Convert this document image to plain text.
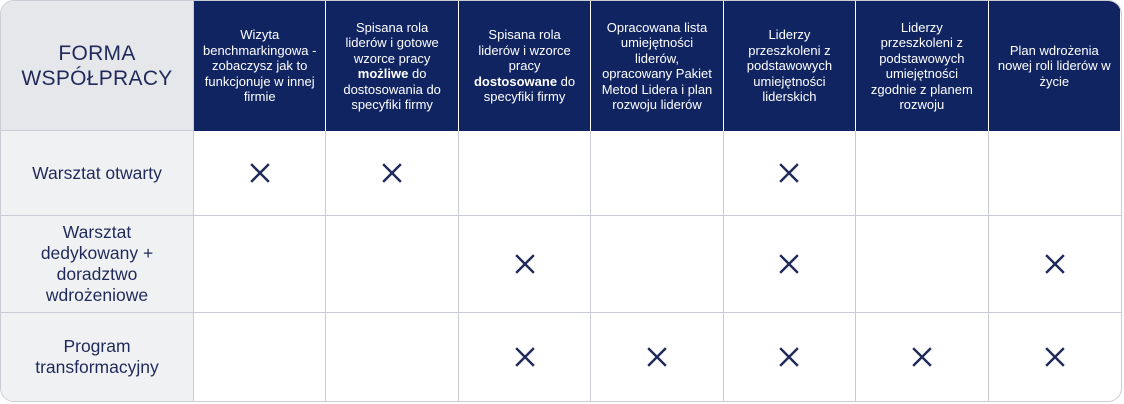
FORMA
WSPÓŁPRACY
Wizyta benchmarkingowa - zobaczysz jak to funkcjonuje w innej firmie
Spisana rola liderów i gotowe wzorce pracy możliwe do dostosowania do specyfiki firmy
Spisana rola liderów i wzorce pracy dostosowane do specyfiki firmy
Opracowana lista umiejętności liderów, opracowany Pakiet Metod Lidera i plan rozwoju liderów
Liderzy przeszkoleni z podstawowych umiejętności liderskich
Liderzy przeszkoleni z podstawowych umiejętności zgodnie z planem rozwoju
Plan wdrożenia nowej roli liderów w życie
Warsztat otwarty
Warsztat dedykowany + doradztwo wdrożeniowe
Program transformacyjny
